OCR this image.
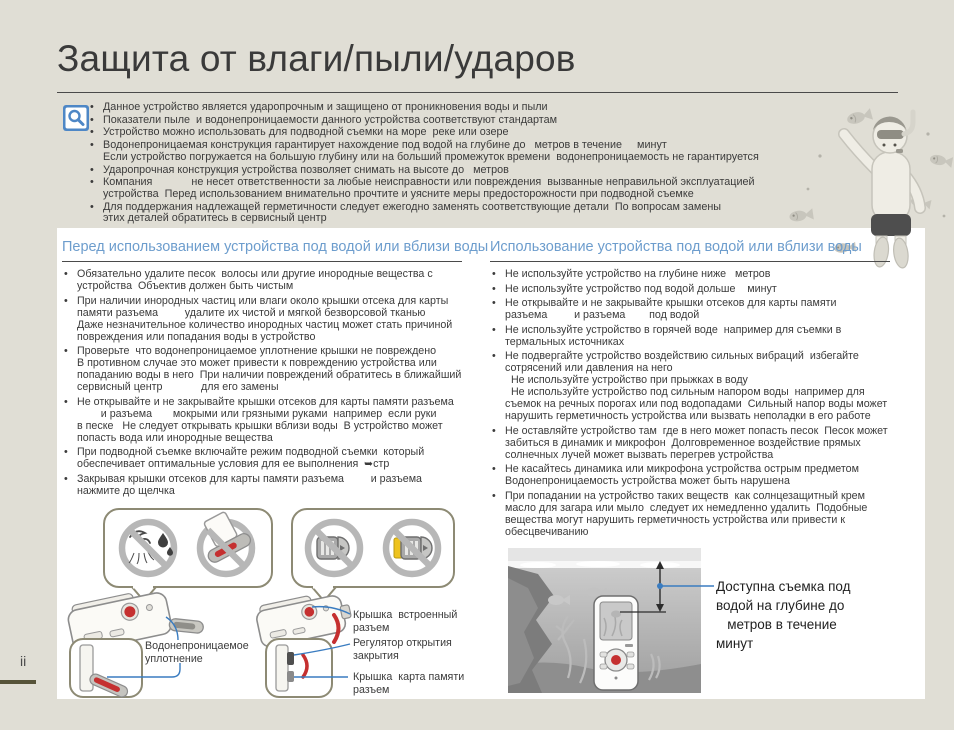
Защита от влаги/пыли/ударов
• Данное устройство является ударопрочным и защищено от проникновения воды и пыли
• Показатели пыле  и водонепроницаемости данного устройства соответствуют стандартам
• Устройство можно использовать для подводной съемки на море  реке или озере
• Водонепроницаемая конструкция гарантирует нахождение под водой на глубине до   метров в течение     минут
Если устройство погружается на большую глубину или на больший промежуток времени  водонепроницаемость не гарантируется
• Ударопрочная конструкция устройства позволяет снимать на высоте до   метров
• Компания             не несет ответственности за любые неисправности или повреждения  вызванные неправильной эксплуатацией
устройства  Перед использованием внимательно прочтите и уясните меры предосторожности при подводной съемке
• Для поддержания надлежащей герметичности следует ежегодно заменять соответствующие детали  По вопросам замены
этих деталей обратитесь в сервисный центр
Перед использованием устройства под водой или вблизи воды
• Обязательно удалите песок  волосы или другие инородные вещества с
устройства  Объектив должен быть чистым
• При наличии инородных частиц или влаги около крышки отсека для карты
памяти разъема         удалите их чистой и мягкой безворсовой тканью
Даже незначительное количество инородных частиц может стать причиной
повреждения или попадания воды в устройство
• Проверьте  что водонепроницаемое уплотнение крышки не повреждено
В противном случае это может привести к повреждению устройства или
попаданию воды в него  При наличии повреждений обратитесь в ближайший
сервисный центр             для его замены
• Не открывайте и не закрывайте крышки отсеков для карты памяти разъема
и разъема       мокрыми или грязными руками  например  если руки
в песке   Не следует открывать крышки вблизи воды  В устройство может
попасть вода или инородные вещества
• При подводной съемке включайте режим подводной съемки  который
обеспечивает оптимальные условия для ее выполнения  ➥стр
• Закрывая крышки отсеков для карты памяти разъема         и разъема
нажмите до щелчка
Использование устройства под водой или вблизи воды
• Не используйте устройство на глубине ниже   метров
• Не используйте устройство под водой дольше    минут
• Не открывайте и не закрывайте крышки отсеков для карты памяти
разъема         и разъема        под водой
• Не используйте устройство в горячей воде  например для съемки в
термальных источниках
• Не подвергайте устройство воздействию сильных вибраций  избегайте
сотрясений или давления на него
Не используйте устройство при прыжках в воду
Не используйте устройство под сильным напором воды  например для
съемок на речных порогах или под водопадами  Сильный напор воды может
нарушить герметичность устройства или вызвать неполадки в его работе
• Не оставляйте устройство там  где в него может попасть песок  Песок может
забиться в динамик и микрофон  Долговременное воздействие прямых
солнечных лучей может вызвать перегрев устройства
• Не касайтесь динамика или микрофона устройства острым предметом
Водонепроницаемость устройства может быть нарушена
• При попадании на устройство таких веществ  как солнцезащитный крем
масло для загара или мыло  следует их немедленно удалить  Подобные
вещества могут нарушить герметичность устройства или привести к
обесцвечиванию
Водонепроницаемое
уплотнение
Крышка  встроенный
разъем
Регулятор открытия
закрытия
Крышка  карта памяти
разъем
Доступна съемка под
водой на глубине до
метров в течение
минут
ii
